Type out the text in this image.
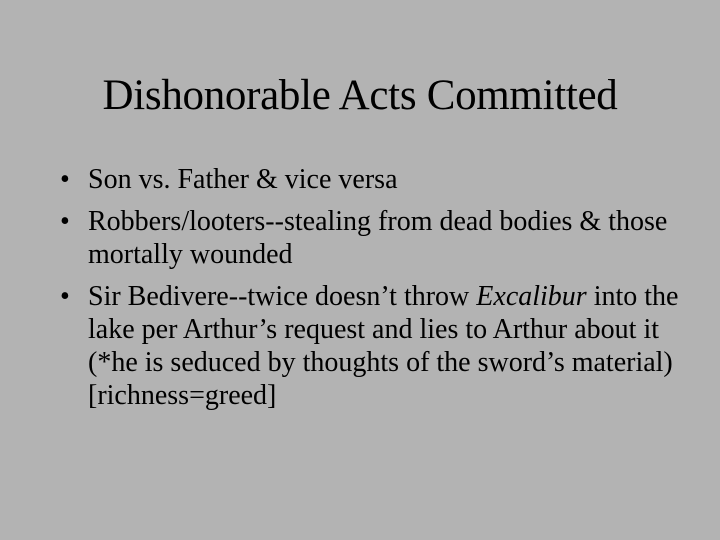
Dishonorable Acts Committed
• Son vs. Father & vice versa
• Robbers/looters--stealing from dead bodies & those mortally wounded
• Sir Bedivere--twice doesn’t throw Excalibur into the lake per Arthur’s request and lies to Arthur about it (*he is seduced by thoughts of the sword’s material) [richness=greed]
